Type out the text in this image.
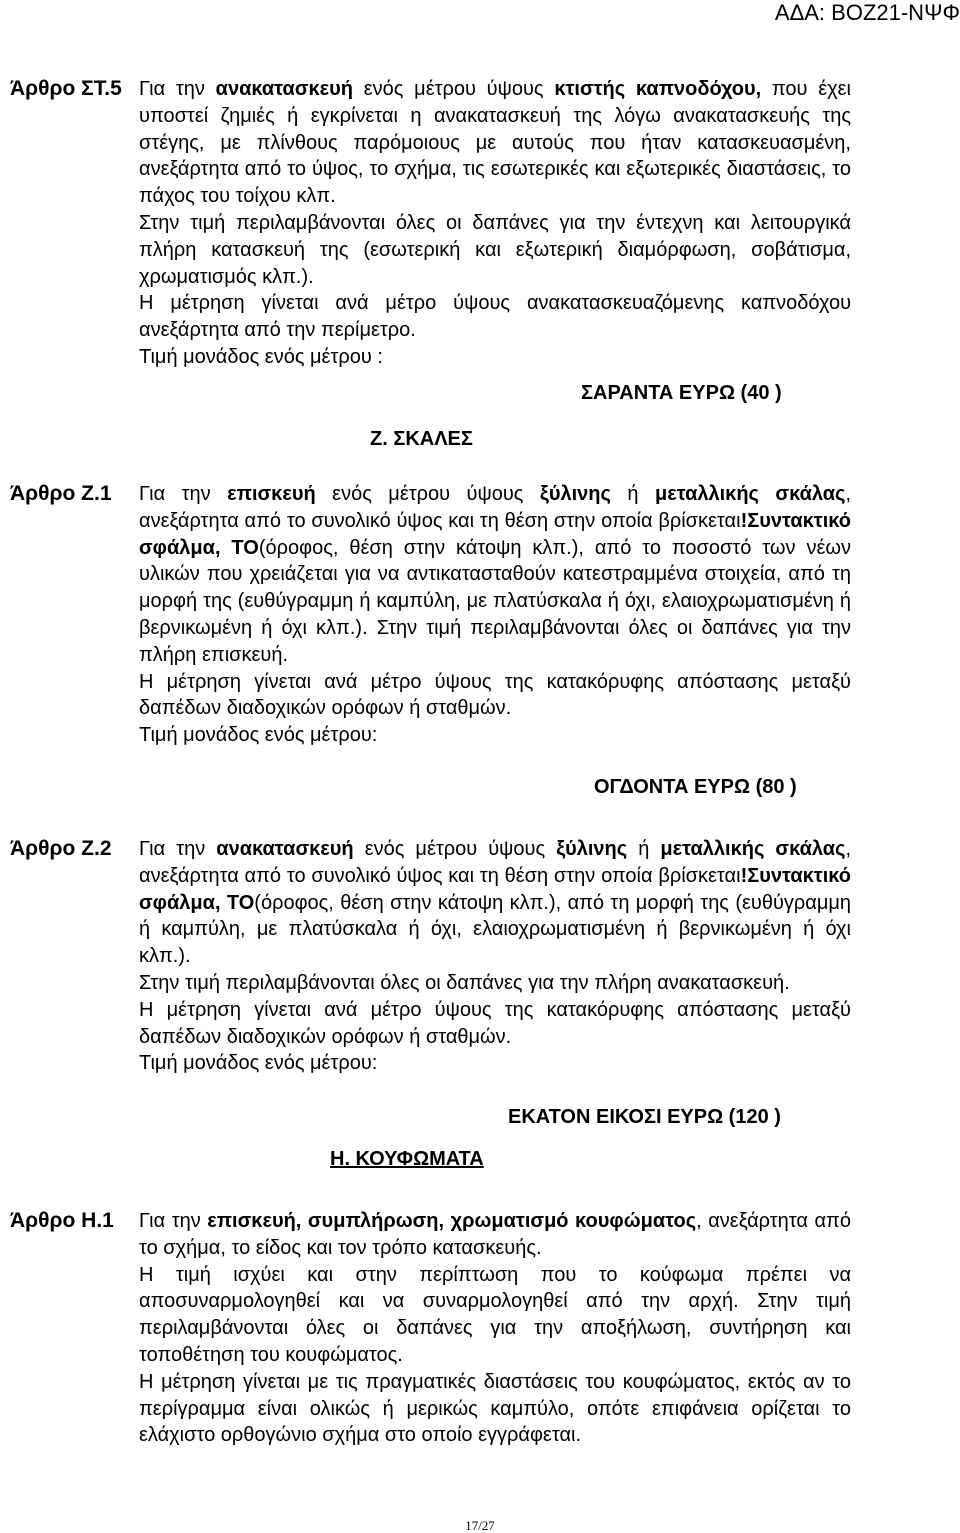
ΑΔΑ: ΒΟΖ21-ΝΨΦ
Άρθρο ΣΤ.5 Για την ανακατασκευή ενός μέτρου ύψους κτιστής καπνοδόχου, που έχει υποστεί ζημιές ή εγκρίνεται η ανακατασκευή της λόγω ανακατασκευής της στέγης, με πλίνθους παρόμοιους με αυτούς που ήταν κατασκευασμένη, ανεξάρτητα από το ύψος, το σχήμα, τις εσωτερικές και εξωτερικές διαστάσεις, το πάχος του τοίχου κλπ.

Στην τιμή περιλαμβάνονται όλες οι δαπάνες για την έντεχνη και λειτουργικά πλήρη κατασκευή της (εσωτερική και εξωτερική διαμόρφωση, σοβάτισμα, χρωματισμός κλπ.).

Η μέτρηση γίνεται ανά μέτρο ύψους ανακατασκευαζόμενης καπνοδόχου ανεξάρτητα από την περίμετρο.

Τιμή μονάδος ενός μέτρου :
ΣΑΡΑΝΤΑ ΕΥΡΩ (40 )
Ζ. ΣΚΑΛΕΣ
Άρθρο Ζ.1	Για την επισκευή ενός μέτρου ύψους ξύλινης ή μεταλλικής σκάλας, ανεξάρτητα από το συνολικό ύψος και τη θέση στην οποία βρίσκεται!Συντακτικό σφάλμα, ΤΟ(όροφος, θέση στην κάτοψη κλπ.), από το ποσοστό των νέων υλικών που χρειάζεται για να αντικατασταθούν κατεστραμμένα στοιχεία, από τη μορφή της (ευθύγραμμη ή καμπύλη, με πλατύσκαλα ή όχι, ελαιοχρωματισμένη ή βερνικωμένη ή όχι κλπ.). Στην τιμή περιλαμβάνονται όλες οι δαπάνες για την πλήρη επισκευή.

Η μέτρηση γίνεται ανά μέτρο ύψους της κατακόρυφης απόστασης μεταξύ δαπέδων διαδοχικών ορόφων ή σταθμών.

Τιμή μονάδος ενός μέτρου:
ΟΓΔΟΝΤΑ ΕΥΡΩ (80 )
Άρθρο Ζ.2	Για την ανακατασκευή ενός μέτρου ύψους ξύλινης ή μεταλλικής σκάλας, ανεξάρτητα από το συνολικό ύψος και τη θέση στην οποία βρίσκεται!Συντακτικό σφάλμα, ΤΟ(όροφος, θέση στην κάτοψη κλπ.), από τη μορφή της (ευθύγραμμη ή καμπύλη, με πλατύσκαλα ή όχι, ελαιοχρωματισμένη ή βερνικωμένη ή όχι κλπ.).

Στην τιμή περιλαμβάνονται όλες οι δαπάνες για την πλήρη ανακατασκευή.

Η μέτρηση γίνεται ανά μέτρο ύψους της κατακόρυφης απόστασης μεταξύ δαπέδων διαδοχικών ορόφων ή σταθμών.

Τιμή μονάδος ενός μέτρου:
ΕΚΑΤΟΝ ΕΙΚΟΣΙ ΕΥΡΩ (120 )
Η. ΚΟΥΦΩΜΑΤΑ
Άρθρο Η.1	Για την επισκευή, συμπλήρωση, χρωματισμό κουφώματος, ανεξάρτητα από το σχήμα, το είδος και τον τρόπο κατασκευής.

Η τιμή ισχύει και στην περίπτωση που το κούφωμα πρέπει να αποσυναρμολογηθεί και να συναρμολογηθεί από την αρχή. Στην τιμή περιλαμβάνονται όλες οι δαπάνες για την αποξήλωση, συντήρηση και τοποθέτηση του κουφώματος.

Η μέτρηση γίνεται με τις πραγματικές διαστάσεις του κουφώματος, εκτός αν το περίγραμμα είναι ολικώς ή μερικώς καμπύλο, οπότε επιφάνεια ορίζεται το ελάχιστο ορθογώνιο σχήμα στο οποίο εγγράφεται.

17/27
